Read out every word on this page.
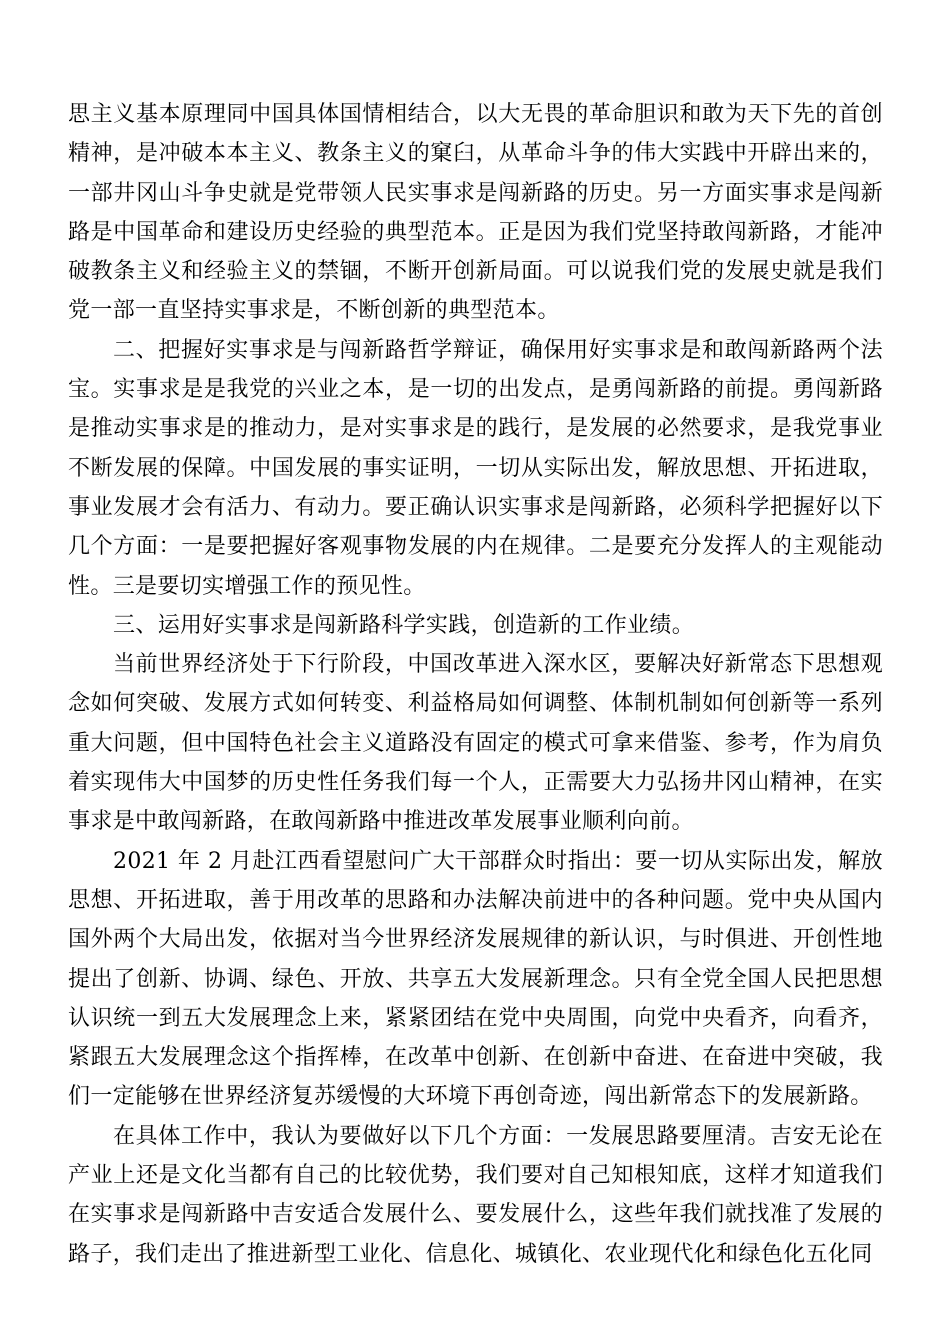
思主义基本原理同中国具体国情相结合，以大无畏的革命胆识和敢为天下先的首创精神，是冲破本本主义、教条主义的窠臼，从革命斗争的伟大实践中开辟出来的，一部井冈山斗争史就是党带领人民实事求是闯新路的历史。另一方面实事求是闯新路是中国革命和建设历史经验的典型范本。正是因为我们党坚持敢闯新路，才能冲破教条主义和经验主义的禁锢，不断开创新局面。可以说我们党的发展史就是我们党一部一直坚持实事求是，不断创新的典型范本。

二、把握好实事求是与闯新路哲学辩证，确保用好实事求是和敢闯新路两个法宝。实事求是是我党的兴业之本，是一切的出发点，是勇闯新路的前提。勇闯新路是推动实事求是的推动力，是对实事求是的践行，是发展的必然要求，是我党事业不断发展的保障。中国发展的事实证明，一切从实际出发，解放思想、开拓进取，事业发展才会有活力、有动力。要正确认识实事求是闯新路，必须科学把握好以下几个方面：一是要把握好客观事物发展的内在规律。二是要充分发挥人的主观能动性。三是要切实增强工作的预见性。

三、运用好实事求是闯新路科学实践，创造新的工作业绩。

当前世界经济处于下行阶段，中国改革进入深水区，要解决好新常态下思想观念如何突破、发展方式如何转变、利益格局如何调整、体制机制如何创新等一系列重大问题，但中国特色社会主义道路没有固定的模式可拿来借鉴、参考，作为肩负着实现伟大中国梦的历史性任务我们每一个人，正需要大力弘扬井冈山精神，在实事求是中敢闯新路，在敢闯新路中推进改革发展事业顺利向前。

2021 年 2 月赴江西看望慰问广大干部群众时指出：要一切从实际出发，解放思想、开拓进取，善于用改革的思路和办法解决前进中的各种问题。党中央从国内国外两个大局出发，依据对当今世界经济发展规律的新认识，与时俱进、开创性地提出了创新、协调、绿色、开放、共享五大发展新理念。只有全党全国人民把思想认识统一到五大发展理念上来，紧紧团结在党中央周围，向党中央看齐，向看齐，紧跟五大发展理念这个指挥棒，在改革中创新、在创新中奋进、在奋进中突破，我们一定能够在世界经济复苏缓慢的大环境下再创奇迹，闯出新常态下的发展新路。

在具体工作中，我认为要做好以下几个方面：一发展思路要厘清。吉安无论在产业上还是文化当都有自己的比较优势，我们要对自己知根知底，这样才知道我们在实事求是闯新路中吉安适合发展什么、要发展什么，这些年我们就找准了发展的路子，我们走出了推进新型工业化、信息化、城镇化、农业现代化和绿色化五化同
